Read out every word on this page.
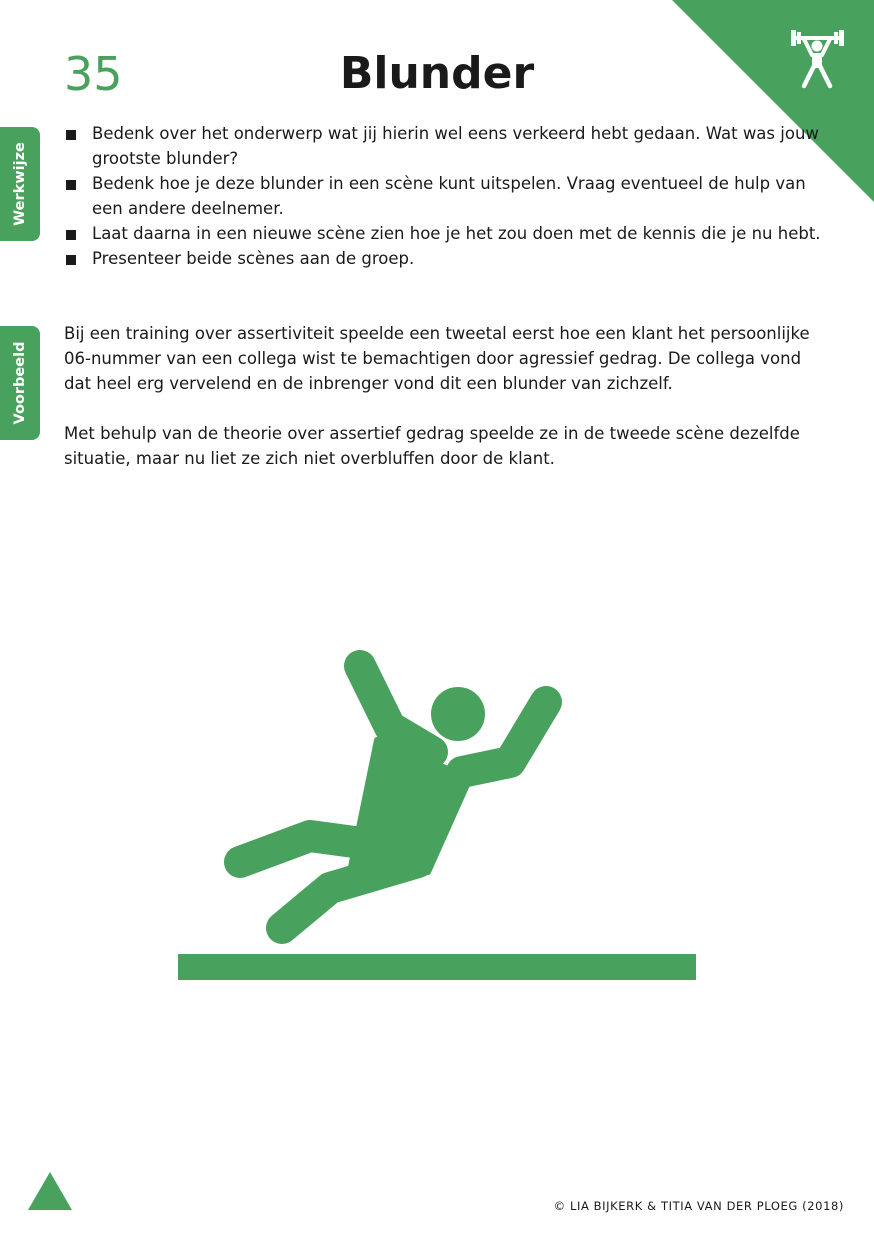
35	Blunder
Werkwijze
Voorbeeld
Bedenk over het onderwerp wat jij hierin wel eens verkeerd hebt gedaan. Wat was jouw grootste blunder?
Bedenk hoe je deze blunder in een scène kunt uitspelen. Vraag eventueel de hulp van een andere deelnemer.
Laat daarna in een nieuwe scène zien hoe je het zou doen met de kennis die je nu hebt.
Presenteer beide scènes aan de groep.

Bij een training over assertiviteit speelde een tweetal eerst hoe een klant het persoonlijke 06-nummer van een collega wist te bemachtigen door agressief gedrag. De collega vond dat heel erg vervelend en de inbrenger vond dit een blunder van zichzelf.

Met behulp van de theorie over assertief gedrag speelde ze in de tweede scène dezelfde situatie, maar nu liet ze zich niet overbluffen door de klant.

© LIA BIJKERK & TITIA VAN DER PLOEG (2018)
